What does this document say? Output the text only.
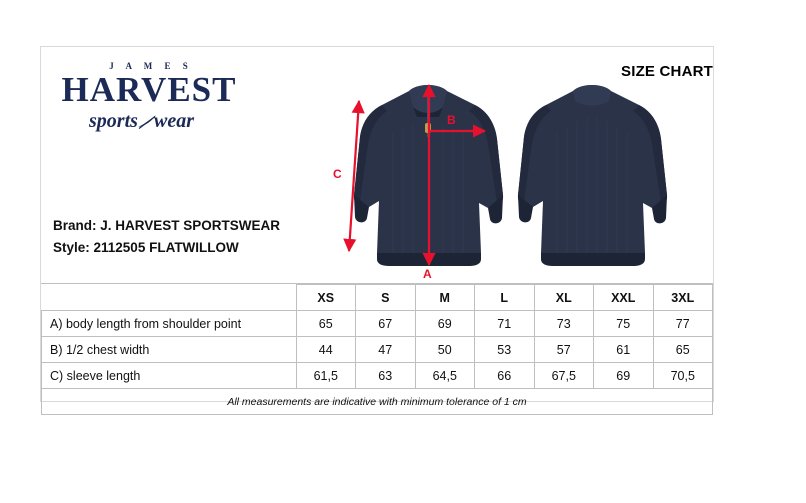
J A M E S
HARVEST
sports wear
SIZE CHART
Brand: J. HARVEST SPORTSWEAR
Style: 2112505 FLATWILLOW
A
B
C
	XS	S	M	L	XL	XXL	3XL
A) body length from shoulder point	65	67	69	71	73	75	77
B) 1/2 chest width	44	47	50	53	57	61	65
C) sleeve length	61,5	63	64,5	66	67,5	69	70,5
All measurements are indicative with minimum tolerance of 1 cm							
